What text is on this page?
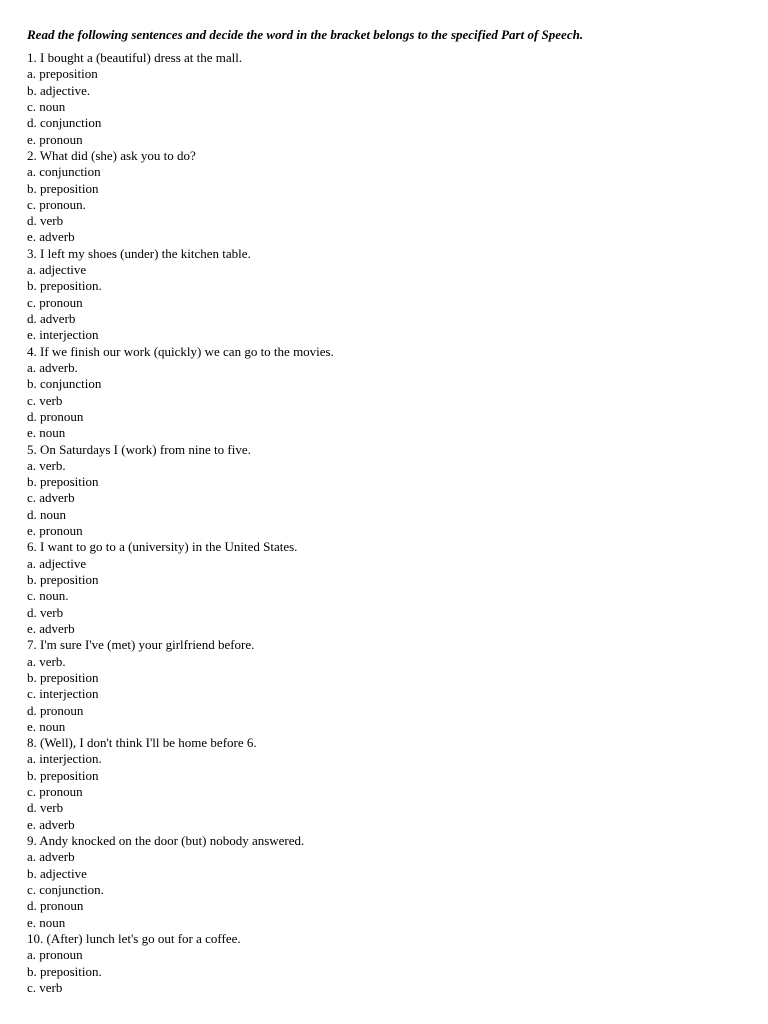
Read the following sentences and decide the word in the bracket belongs to the specified Part of Speech.
1. I bought a (beautiful) dress at the mall.
a. preposition
b. adjective.
c. noun
d. conjunction
e. pronoun
2. What did (she) ask you to do?
a. conjunction
b. preposition
c. pronoun.
d. verb
e. adverb
3. I left my shoes (under) the kitchen table.
a. adjective
b. preposition.
c. pronoun
d. adverb
e. interjection
4. If we finish our work (quickly) we can go to the movies.
a. adverb.
b. conjunction
c. verb
d. pronoun
e. noun
5. On Saturdays I (work) from nine to five.
a. verb.
b. preposition
c. adverb
d. noun
e. pronoun
6. I want to go to a (university) in the United States.
a. adjective
b. preposition
c. noun.
d. verb
e. adverb
7. I'm sure I've (met) your girlfriend before.
a. verb.
b. preposition
c. interjection
d. pronoun
e. noun
8. (Well), I don't think I'll be home before 6.
a. interjection.
b. preposition
c. pronoun
d. verb
e. adverb
9. Andy knocked on the door (but) nobody answered.
a. adverb
b. adjective
c. conjunction.
d. pronoun
e. noun
10. (After) lunch let's go out for a coffee.
a. pronoun
b. preposition.
c. verb
